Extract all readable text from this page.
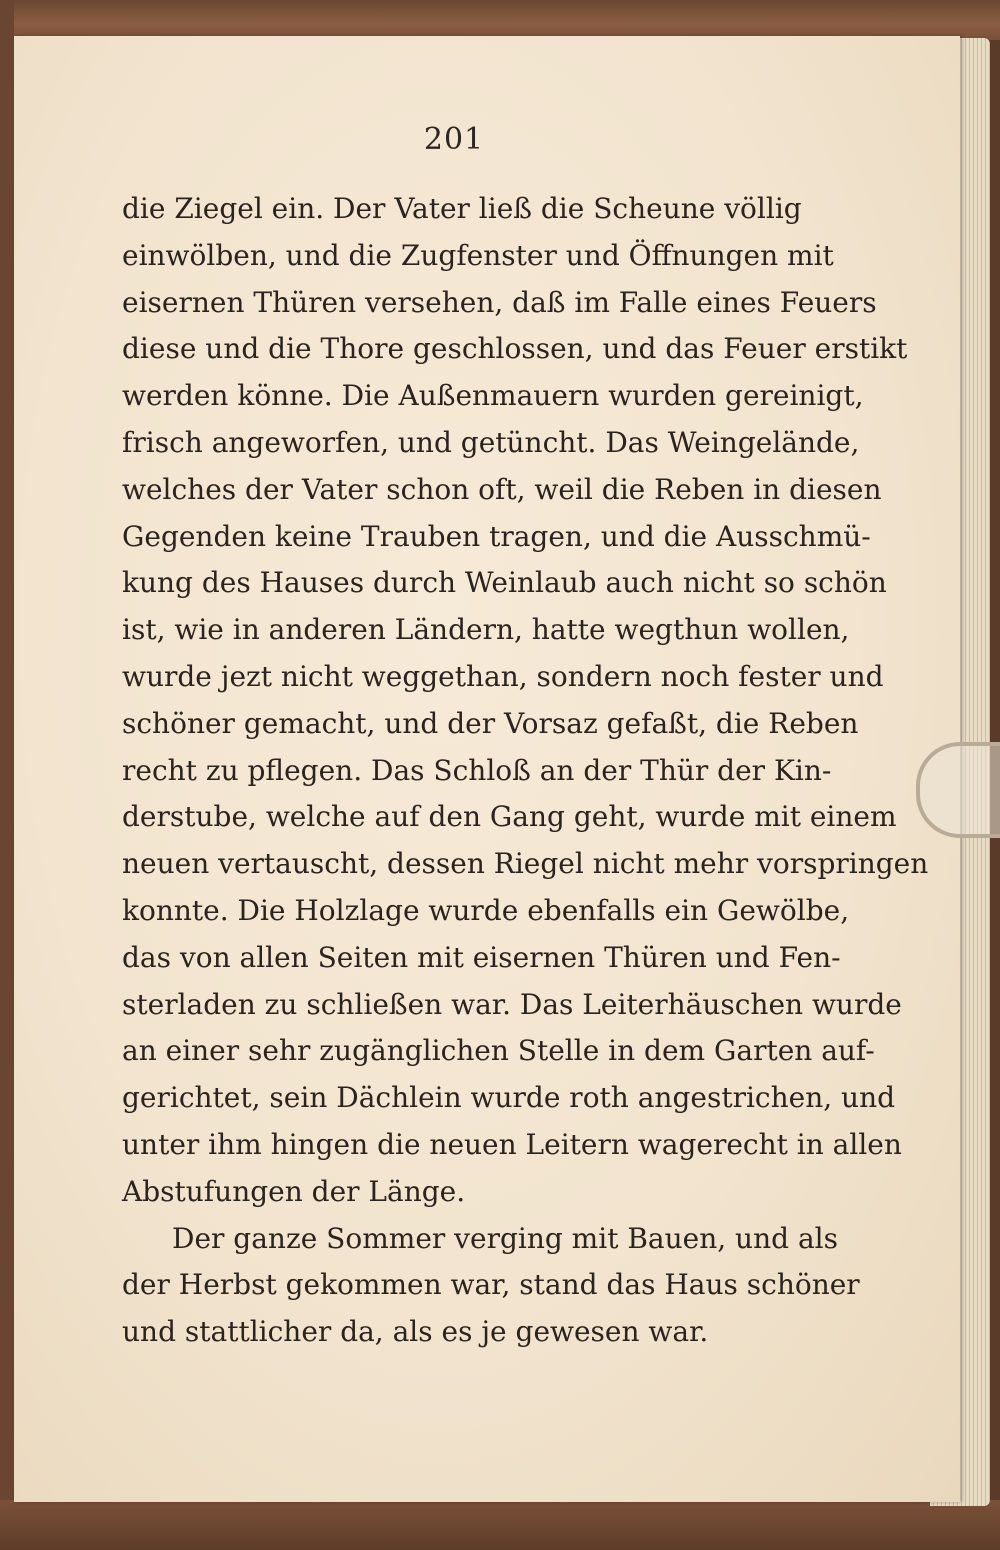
201
die Ziegel ein. Der Vater ließ die Scheune völlig
einwölben, und die Zugfenster und Öffnungen mit
eisernen Thüren versehen, daß im Falle eines Feuers
diese und die Thore geschlossen, und das Feuer erstikt
werden könne. Die Außenmauern wurden gereinigt,
frisch angeworfen, und getüncht. Das Weingelände,
welches der Vater schon oft, weil die Reben in diesen
Gegenden keine Trauben tragen, und die Ausschmü-
kung des Hauses durch Weinlaub auch nicht so schön
ist, wie in anderen Ländern, hatte wegthun wollen,
wurde jezt nicht weggethan, sondern noch fester und
schöner gemacht, und der Vorsaz gefaßt, die Reben
recht zu pflegen. Das Schloß an der Thür der Kin-
derstube, welche auf den Gang geht, wurde mit einem
neuen vertauscht, dessen Riegel nicht mehr vorspringen
konnte. Die Holzlage wurde ebenfalls ein Gewölbe,
das von allen Seiten mit eisernen Thüren und Fen-
sterladen zu schließen war. Das Leiterhäuschen wurde
an einer sehr zugänglichen Stelle in dem Garten auf-
gerichtet, sein Dächlein wurde roth angestrichen, und
unter ihm hingen die neuen Leitern wagerecht in allen
Abstufungen der Länge.
Der ganze Sommer verging mit Bauen, und als
der Herbst gekommen war, stand das Haus schöner
und stattlicher da, als es je gewesen war.
